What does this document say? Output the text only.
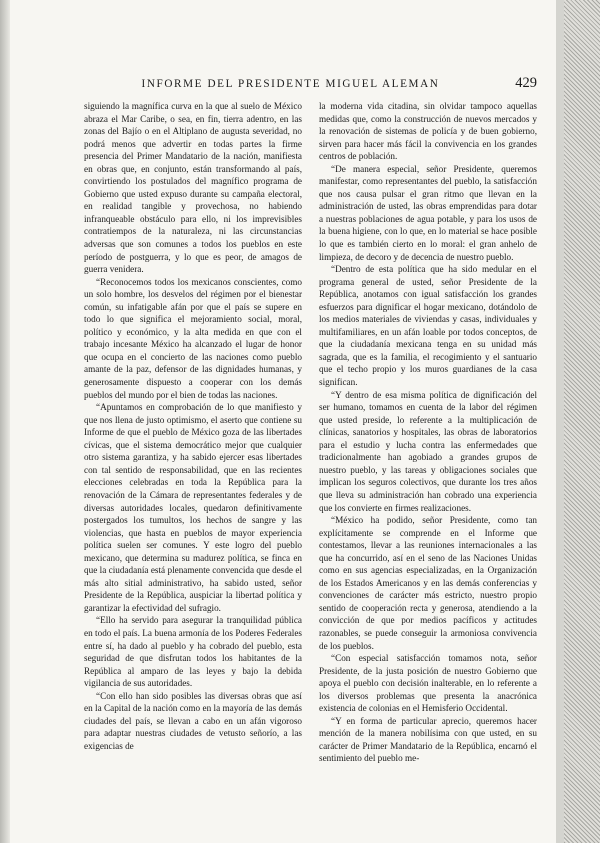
INFORME DEL PRESIDENTE MIGUEL ALEMAN	429

siguiendo la magnífica curva en la que al suelo de México abraza el Mar Caribe, o sea, en fin, tierra adentro, en las zonas del Bajío o en el Altiplano de augusta severidad, no podrá menos que advertir en todas partes la firme presencia del Primer Mandatario de la nación, manifiesta en obras que, en conjunto, están transformando al país, convirtiendo los postulados del magnífico programa de Gobierno que usted expuso durante su campaña electoral, en realidad tangible y provechosa, no habiendo infranqueable obstáculo para ello, ni los imprevisibles contratiempos de la naturaleza, ni las circunstancias adversas que son comunes a todos los pueblos en este período de postguerra, y lo que es peor, de amagos de guerra venidera.

“Reconocemos todos los mexicanos conscientes, como un solo hombre, los desvelos del régimen por el bienestar común, su infatigable afán por que el país se supere en todo lo que significa el mejoramiento social, moral, político y económico, y la alta medida en que con el trabajo incesante México ha alcanzado el lugar de honor que ocupa en el concierto de las naciones como pueblo amante de la paz, defensor de las dignidades humanas, y generosamente dispuesto a cooperar con los demás pueblos del mundo por el bien de todas las naciones.

“Apuntamos en comprobación de lo que manifiesto y que nos llena de justo optimismo, el aserto que contiene su Informe de que el pueblo de México goza de las libertades cívicas, que el sistema democrático mejor que cualquier otro sistema garantiza, y ha sabido ejercer esas libertades con tal sentido de responsabilidad, que en las recientes elecciones celebradas en toda la República para la renovación de la Cámara de representantes federales y de diversas autoridades locales, quedaron definitivamente postergados los tumultos, los hechos de sangre y las violencias, que hasta en pueblos de mayor experiencia política suelen ser comunes. Y este logro del pueblo mexicano, que determina su madurez política, se finca en que la ciudadanía está plenamente convencida que desde el más alto sitial administrativo, ha sabido usted, señor Presidente de la República, auspiciar la libertad política y garantizar la efectividad del sufragio.

“Ello ha servido para asegurar la tranquilidad pública en todo el país. La buena armonía de los Poderes Federales entre sí, ha dado al pueblo y ha cobrado del pueblo, esta seguridad de que disfrutan todos los habitantes de la República al amparo de las leyes y bajo la debida vigilancia de sus autoridades.

“Con ello han sido posibles las diversas obras que así en la Capital de la nación como en la mayoría de las demás ciudades del país, se llevan a cabo en un afán vigoroso para adaptar nuestras ciudades de vetusto señorío, a las exigencias de

la moderna vida citadina, sin olvidar tampoco aquellas medidas que, como la construcción de nuevos mercados y la renovación de sistemas de policía y de buen gobierno, sirven para hacer más fácil la convivencia en los grandes centros de población.

“De manera especial, señor Presidente, queremos manifestar, como representantes del pueblo, la satisfacción que nos causa pulsar el gran ritmo que llevan en la administración de usted, las obras emprendidas para dotar a nuestras poblaciones de agua potable, y para los usos de la buena higiene, con lo que, en lo material se hace posible lo que es también cierto en lo moral: el gran anhelo de limpieza, de decoro y de decencia de nuestro pueblo.

“Dentro de esta política que ha sido medular en el programa general de usted, señor Presidente de la República, anotamos con igual satisfacción los grandes esfuerzos para dignificar el hogar mexicano, dotándolo de los medios materiales de viviendas y casas, individuales y multifamiliares, en un afán loable por todos conceptos, de que la ciudadanía mexicana tenga en su unidad más sagrada, que es la familia, el recogimiento y el santuario que el techo propio y los muros guardianes de la casa significan.

“Y dentro de esa misma política de dignificación del ser humano, tomamos en cuenta de la labor del régimen que usted preside, lo referente a la multiplicación de clínicas, sanatorios y hospitales, las obras de laboratorios para el estudio y lucha contra las enfermedades que tradicionalmente han agobiado a grandes grupos de nuestro pueblo, y las tareas y obligaciones sociales que implican los seguros colectivos, que durante los tres años que lleva su administración han cobrado una experiencia que los convierte en firmes realizaciones.

“México ha podido, señor Presidente, como tan explícitamente se comprende en el Informe que contestamos, llevar a las reuniones internacionales a las que ha concurrido, así en el seno de las Naciones Unidas como en sus agencias especializadas, en la Organización de los Estados Americanos y en las demás conferencias y convenciones de carácter más estricto, nuestro propio sentido de cooperación recta y generosa, atendiendo a la convicción de que por medios pacíficos y actitudes razonables, se puede conseguir la armoniosa convivencia de los pueblos.

“Con especial satisfacción tomamos nota, señor Presidente, de la justa posición de nuestro Gobierno que apoya el pueblo con decisión inalterable, en lo referente a los diversos problemas que presenta la anacrónica existencia de colonias en el Hemisferio Occidental.

“Y en forma de particular aprecio, queremos hacer mención de la manera nobilísima con que usted, en su carácter de Primer Mandatario de la República, encarnó el sentimiento del pueblo me-
